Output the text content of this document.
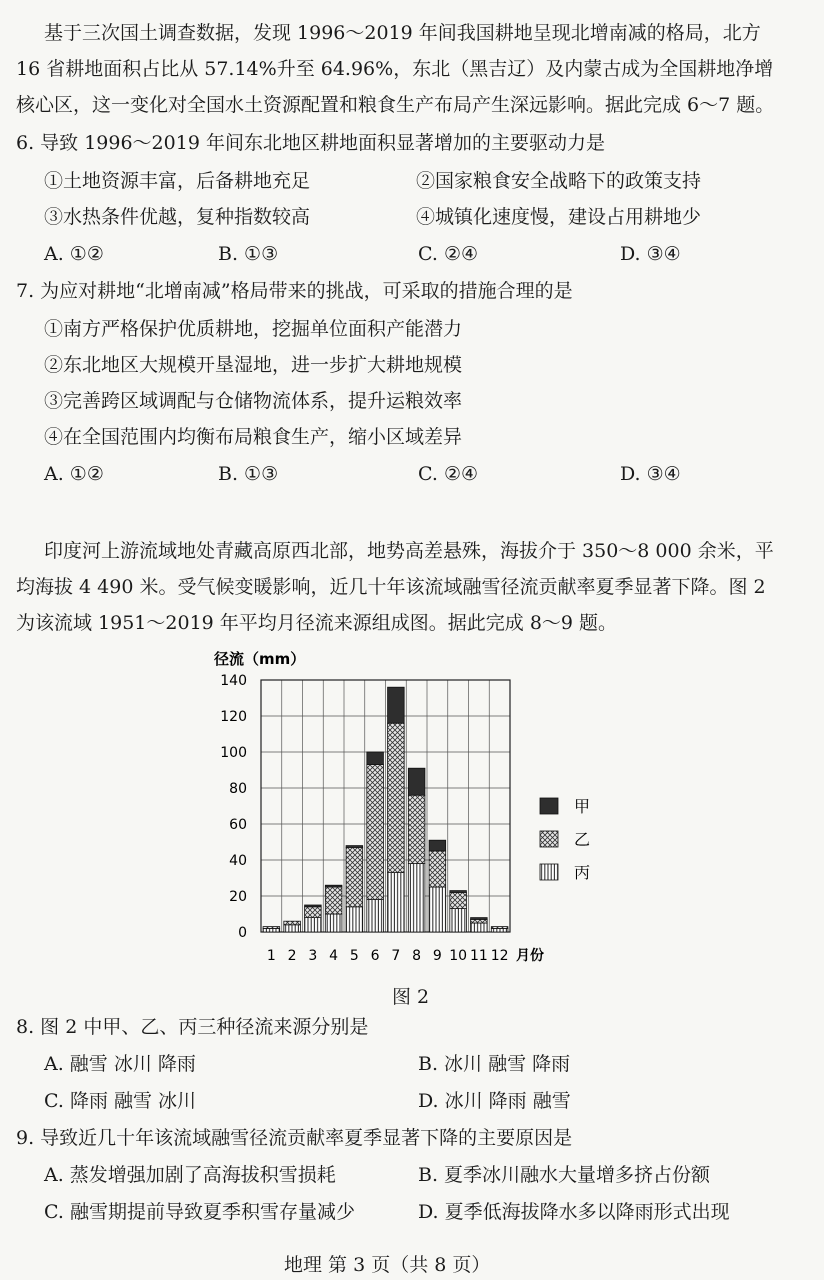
基于三次国土调查数据，发现 1996～2019 年间我国耕地呈现北增南减的格局，北方
16 省耕地面积占比从 57.14%升至 64.96%，东北（黑吉辽）及内蒙古成为全国耕地净增
核心区，这一变化对全国水土资源配置和粮食生产布局产生深远影响。据此完成 6～7 题。
6. 导致 1996～2019 年间东北地区耕地面积显著增加的主要驱动力是
①土地资源丰富，后备耕地充足	②国家粮食安全战略下的政策支持
③水热条件优越，复种指数较高	④城镇化速度慢，建设占用耕地少
A. ①②	B. ①③	C. ②④	D. ③④
7. 为应对耕地“北增南减”格局带来的挑战，可采取的措施合理的是
①南方严格保护优质耕地，挖掘单位面积产能潜力
②东北地区大规模开垦湿地，进一步扩大耕地规模
③完善跨区域调配与仓储物流体系，提升运粮效率
④在全国范围内均衡布局粮食生产，缩小区域差异
A. ①②	B. ①③	C. ②④	D. ③④
印度河上游流域地处青藏高原西北部，地势高差悬殊，海拔介于 350～8 000 余米，平
均海拔 4 490 米。受气候变暖影响，近几十年该流域融雪径流贡献率夏季显著下降。图 2
为该流域 1951～2019 年平均月径流来源组成图。据此完成 8～9 题。
0
20
40
60
80
100
120
140
径流（mm）
1 2 3 4 5 6 7 8 9 10 11 12 月份
甲
乙
丙
图 2
8. 图 2 中甲、乙、丙三种径流来源分别是
A. 融雪 冰川 降雨	B. 冰川 融雪 降雨
C. 降雨 融雪 冰川	D. 冰川 降雨 融雪
9. 导致近几十年该流域融雪径流贡献率夏季显著下降的主要原因是
A. 蒸发增强加剧了高海拔积雪损耗	B. 夏季冰川融水大量增多挤占份额
C. 融雪期提前导致夏季积雪存量减少	D. 夏季低海拔降水多以降雨形式出现
地理 第 3 页（共 8 页）
